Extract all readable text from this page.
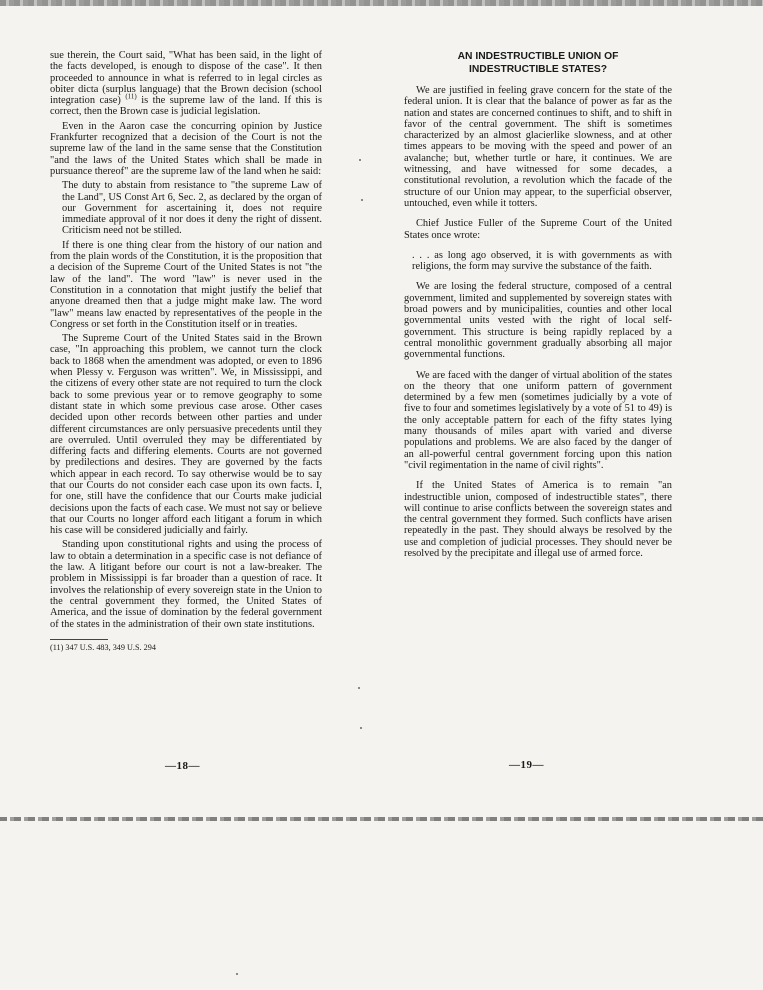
sue therein, the Court said, "What has been said, in the light of the facts developed, is enough to dispose of the case". It then proceeded to announce in what is referred to in legal circles as obiter dicta (surplus language) that the Brown decision (school integration case) $^{(11)}$ is the supreme law of the land. If this is correct, then the Brown case is judicial legislation.

Even in the Aaron case the concurring opinion by Justice Frankfurter recognized that a decision of the Court is not the supreme law of the land in the same sense that the Constitution "and the laws of the United States which shall be made in pursuance thereof" are the supreme law of the land when he said:

The duty to abstain from resistance to "the supreme Law of the Land", US Const Art 6, Sec. 2, as declared by the organ of our Government for ascertaining it, does not require immediate approval of it nor does it deny the right of dissent. Criticism need not be stilled.

If there is one thing clear from the history of our nation and from the plain words of the Constitution, it is the proposition that a decision of the Supreme Court of the United States is not "the law of the land". The word "law" is never used in the Constitution in a connotation that might justify the belief that anyone dreamed then that a judge might make law. The word "law" means law enacted by representatives of the people in the Congress or set forth in the Constitution itself or in treaties.

The Supreme Court of the United States said in the Brown case, "In approaching this problem, we cannot turn the clock back to 1868 when the amendment was adopted, or even to 1896 when Plessy v. Ferguson was written". We, in Mississippi, and the citizens of every other state are not required to turn the clock back to some previous year or to remove geography to some distant state in which some previous case arose. Other cases decided upon other records between other parties and under different circumstances are only persuasive precedents until they are overruled. Until overruled they may be differentiated by differing facts and differing elements. Courts are not governed by predilections and desires. They are governed by the facts which appear in each record. To say otherwise would be to say that our Courts do not consider each case upon its own facts. I, for one, still have the confidence that our Courts make judicial decisions upon the facts of each case. We must not say or believe that our Courts no longer afford each litigant a forum in which his case will be considered judicially and fairly.

Standing upon constitutional rights and using the process of law to obtain a determination in a specific case is not defiance of the law. A litigant before our court is not a law-breaker. The problem in Mississippi is far broader than a question of race. It involves the relationship of every sovereign state in the Union to the central government they formed, the United States of America, and the issue of domination by the federal government of the states in the administration of their own state institutions.

(11) 347 U.S. 483, 349 U.S. 294
—18—
AN INDESTRUCTIBLE UNION OF
INDESTRUCTIBLE STATES?

We are justified in feeling grave concern for the state of the federal union. It is clear that the balance of power as far as the nation and states are concerned continues to shift, and to shift in favor of the central government. The shift is sometimes characterized by an almost glacierlike slowness, and at other times appears to be moving with the speed and power of an avalanche; but, whether turtle or hare, it continues. We are witnessing, and have witnessed for some decades, a constitutional revolution, a revolution which the facade of the structure of our Union may appear, to the superficial observer, untouched, even while it totters.

Chief Justice Fuller of the Supreme Court of the United States once wrote:

. . . as long ago observed, it is with governments as with religions, the form may survive the substance of the faith.

We are losing the federal structure, composed of a central government, limited and supplemented by sovereign states with broad powers and by municipalities, counties and other local governmental units vested with the right of local self-government. This structure is being rapidly replaced by a central monolithic government gradually absorbing all major governmental functions.

We are faced with the danger of virtual abolition of the states on the theory that one uniform pattern of government determined by a few men (sometimes judicially by a vote of five to four and sometimes legislatively by a vote of 51 to 49) is the only acceptable pattern for each of the fifty states lying many thousands of miles apart with varied and diverse populations and problems. We are also faced by the danger of an all-powerful central government forcing upon this nation "civil regimentation in the name of civil rights".

If the United States of America is to remain "an indestructible union, composed of indestructible states", there will continue to arise conflicts between the sovereign states and the central government they formed. Such conflicts have arisen repeatedly in the past. They should always be resolved by the use and completion of judicial processes. They should never be resolved by the precipitate and illegal use of armed force.

—19—
